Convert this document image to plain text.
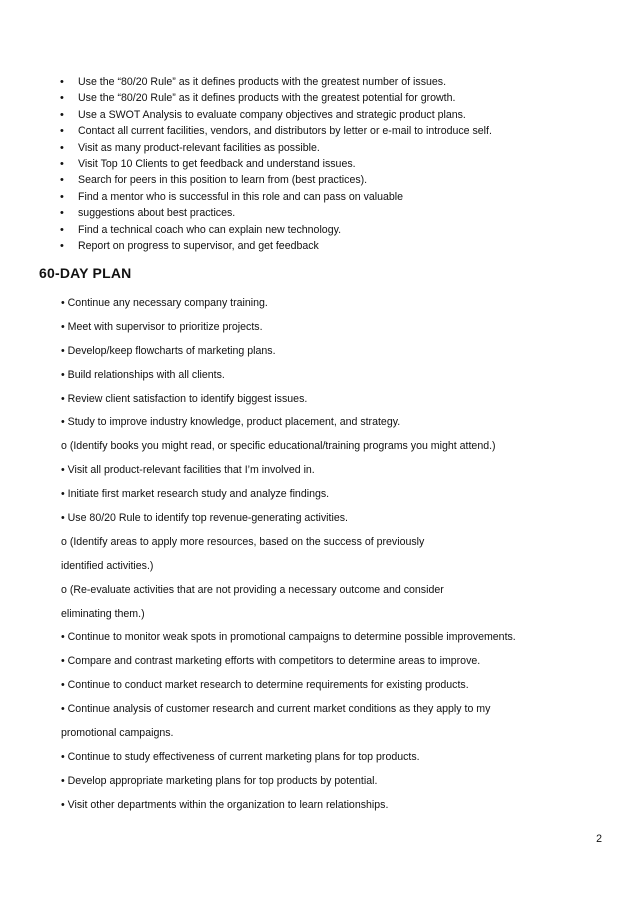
•	Use the “80/20 Rule” as it defines products with the greatest number of issues.
•	Use the “80/20 Rule” as it defines products with the greatest potential for growth.
•	Use a SWOT Analysis to evaluate company objectives and strategic product plans.
•	Contact all current facilities, vendors, and distributors by letter or e-mail to introduce self.
•	Visit as many product-relevant facilities as possible.
•	Visit Top 10 Clients to get feedback and understand issues.
•	Search for peers in this position to learn from (best practices).
•	Find a mentor who is successful in this role and can pass on valuable
•	suggestions about best practices.
•	Find a technical coach who can explain new technology.
•	Report on progress to supervisor, and get feedback
60-DAY PLAN
• Continue any necessary company training.
• Meet with supervisor to prioritize projects.
• Develop/keep flowcharts of marketing plans.
• Build relationships with all clients.
• Review client satisfaction to identify biggest issues.
• Study to improve industry knowledge, product placement, and strategy.
o (Identify books you might read, or specific educational/training programs you might attend.)
• Visit all product-relevant facilities that I’m involved in.
• Initiate first market research study and analyze findings.
• Use 80/20 Rule to identify top revenue-generating activities.
o (Identify areas to apply more resources, based on the success of previously
identified activities.)
o (Re-evaluate activities that are not providing a necessary outcome and consider
eliminating them.)
• Continue to monitor weak spots in promotional campaigns to determine possible improvements.
• Compare and contrast marketing efforts with competitors to determine areas to improve.
• Continue to conduct market research to determine requirements for existing products.
• Continue analysis of customer research and current market conditions as they apply to my
promotional campaigns.
• Continue to study effectiveness of current marketing plans for top products.
• Develop appropriate marketing plans for top products by potential.
• Visit other departments within the organization to learn relationships.
2
